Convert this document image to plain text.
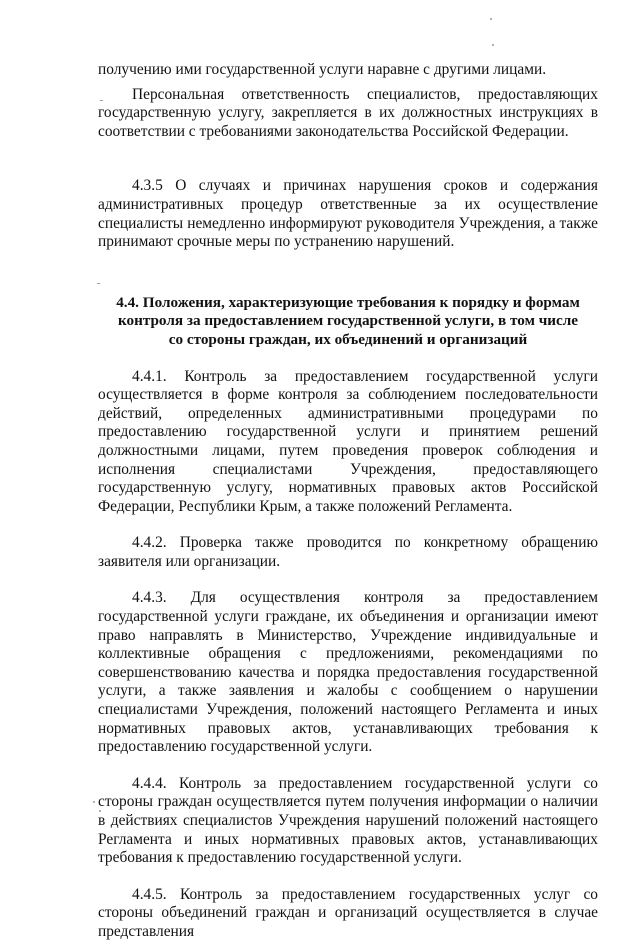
получению ими государственной услуги наравне с другими лицами.

Персональная ответственность специалистов, предоставляющих государственную услугу, закрепляется в их должностных инструкциях в соответствии с требованиями законодательства Российской Федерации.

4.3.5 О случаях и причинах нарушения сроков и содержания административных процедур ответственные за их осуществление специалисты немедленно информируют руководителя Учреждения, а также принимают срочные меры по устранению нарушений.

4.4. Положения, характеризующие требования к порядку и формам

контроля за предоставлением государственной услуги, в том числе

со стороны граждан, их объединений и организаций

4.4.1. Контроль за предоставлением государственной услуги осуществляется в форме контроля за соблюдением последовательности действий, определенных административными процедурами по предоставлению государственной услуги и принятием решений должностными лицами, путем проведения проверок соблюдения и исполнения специалистами Учреждения, предоставляющего государственную услугу, нормативных правовых актов Российской Федерации, Республики Крым, а также положений Регламента.

4.4.2. Проверка также проводится по конкретному обращению заявителя или организации.

4.4.3. Для осуществления контроля за предоставлением государственной услуги граждане, их объединения и организации имеют право направлять в Министерство, Учреждение индивидуальные и коллективные обращения с предложениями, рекомендациями по совершенствованию качества и порядка предоставления государственной услуги, а также заявления и жалобы с сообщением о нарушении специалистами Учреждения, положений настоящего Регламента и иных нормативных правовых актов, устанавливающих требования к предоставлению государственной услуги.

4.4.4. Контроль за предоставлением государственной услуги со стороны граждан осуществляется путем получения информации о наличии в действиях специалистов Учреждения нарушений положений настоящего Регламента и иных нормативных правовых актов, устанавливающих требования к предоставлению государственной услуги.

4.4.5. Контроль за предоставлением государственных услуг со стороны объединений граждан и организаций осуществляется в случае представления
